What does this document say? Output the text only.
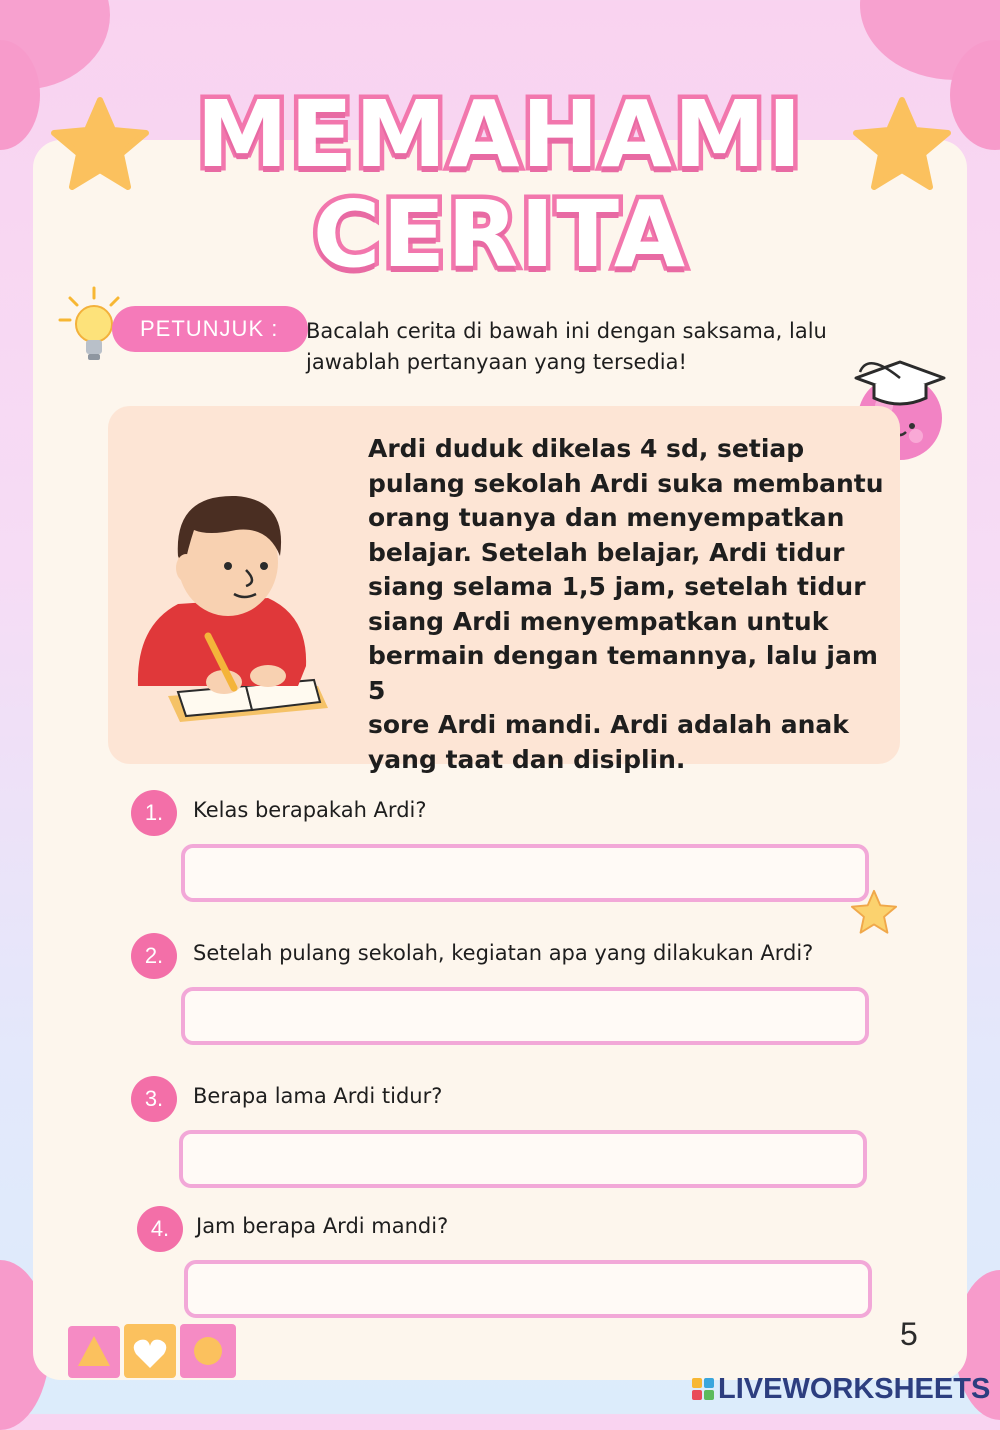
MEMAHAMI
CERITA
PETUNJUK :	Bacalah cerita di bawah ini dengan saksama, lalu jawablah pertanyaan yang tersedia!
Ardi duduk dikelas 4 sd, setiap
pulang sekolah Ardi suka membantu
orang tuanya dan menyempatkan
belajar. Setelah belajar, Ardi tidur
siang selama 1,5 jam, setelah tidur
siang Ardi menyempatkan untuk
bermain dengan temannya, lalu jam 5
sore Ardi mandi. Ardi adalah anak
yang taat dan disiplin.
1.	Kelas berapakah Ardi?
2.	Setelah pulang sekolah, kegiatan apa yang dilakukan Ardi?
3.	Berapa lama Ardi tidur?
4.	Jam berapa Ardi mandi?
5
LIVEWORKSHEETS
